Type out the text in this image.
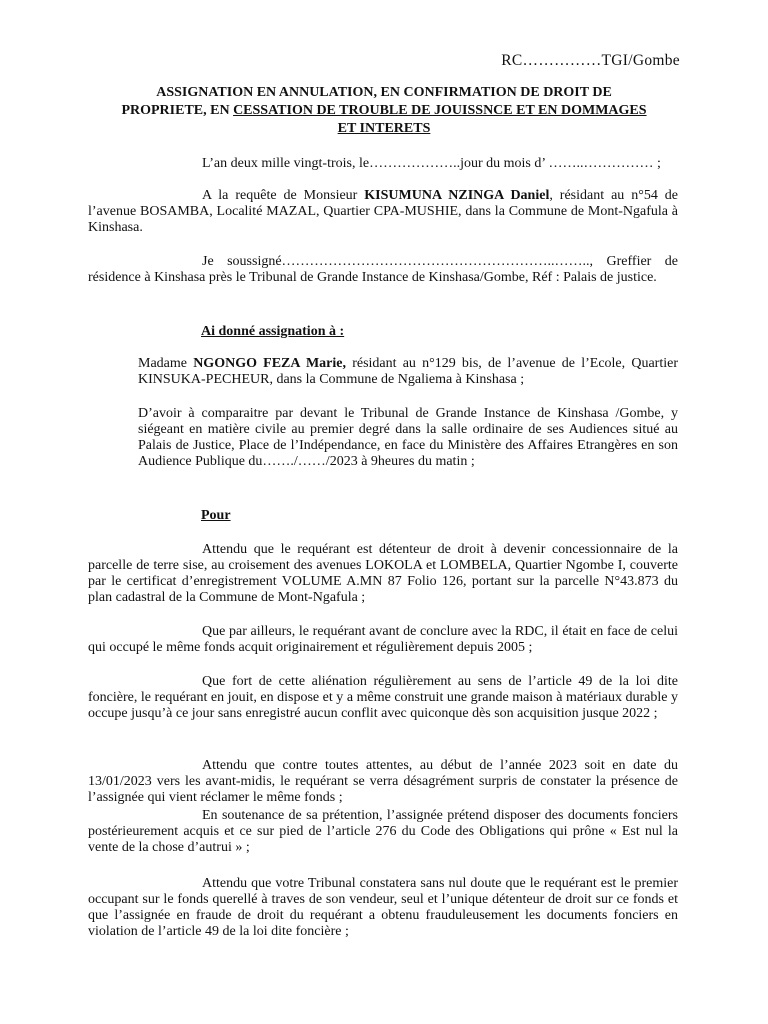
RC……………TGI/Gombe
ASSIGNATION EN ANNULATION, EN CONFIRMATION DE DROIT DE
PROPRIETE, EN CESSATION DE TROUBLE DE JOUISSNCE ET EN DOMMAGES
ET INTERETS
L’an deux mille vingt-trois, le………………..jour du mois d’ ……..…………… ;
A la requête de Monsieur KISUMUNA NZINGA Daniel, résidant au n°54 de l’avenue BOSAMBA, Localité MAZAL, Quartier CPA-MUSHIE, dans la Commune de Mont-Ngafula à Kinshasa.
Je soussigné…………………………………………………..…….., Greffier de résidence à Kinshasa près le Tribunal de Grande Instance de Kinshasa/Gombe, Réf : Palais de justice.
Ai donné assignation à :
Madame NGONGO FEZA Marie, résidant au n°129 bis, de l’avenue de l’Ecole, Quartier KINSUKA-PECHEUR, dans la Commune de Ngaliema à Kinshasa ;
D’avoir à comparaitre par devant le Tribunal de Grande Instance de Kinshasa /Gombe, y siégeant en matière civile au premier degré dans la salle ordinaire de ses Audiences situé au Palais de Justice, Place de l’Indépendance, en face du Ministère des Affaires Etrangères en son Audience Publique du……./……/2023 à 9heures du matin ;
Pour
Attendu que le requérant est détenteur de droit à devenir concessionnaire de la parcelle de terre sise, au croisement des avenues LOKOLA et LOMBELA, Quartier Ngombe I, couverte par le certificat d’enregistrement VOLUME A.MN 87 Folio 126, portant sur la parcelle N°43.873 du plan cadastral de la Commune de Mont-Ngafula ;
Que par ailleurs, le requérant avant de conclure avec la RDC, il était en face de celui qui occupé le même fonds acquit originairement et régulièrement depuis 2005 ;
Que fort de cette aliénation régulièrement au sens de l’article 49 de la loi dite foncière, le requérant en jouit, en dispose et y a même construit une grande maison à matériaux durable y occupe jusqu’à ce jour sans enregistré aucun conflit avec quiconque dès son acquisition jusque 2022 ;
Attendu que contre toutes attentes, au début de l’année 2023 soit en date du 13/01/2023 vers les avant-midis, le requérant se verra désagrément surpris de constater la présence de l’assignée qui vient réclamer le même fonds ;
En soutenance de sa prétention, l’assignée prétend disposer des documents fonciers postérieurement acquis et ce sur pied de l’article 276 du Code des Obligations qui prône « Est nul la vente de la chose d’autrui » ;
Attendu que votre Tribunal constatera sans nul doute que le requérant est le premier occupant sur le fonds querellé à traves de son vendeur, seul et l’unique détenteur de droit sur ce fonds et que l’assignée en fraude de droit du requérant a obtenu frauduleusement les documents fonciers en violation de l’article 49 de la loi dite foncière ;
